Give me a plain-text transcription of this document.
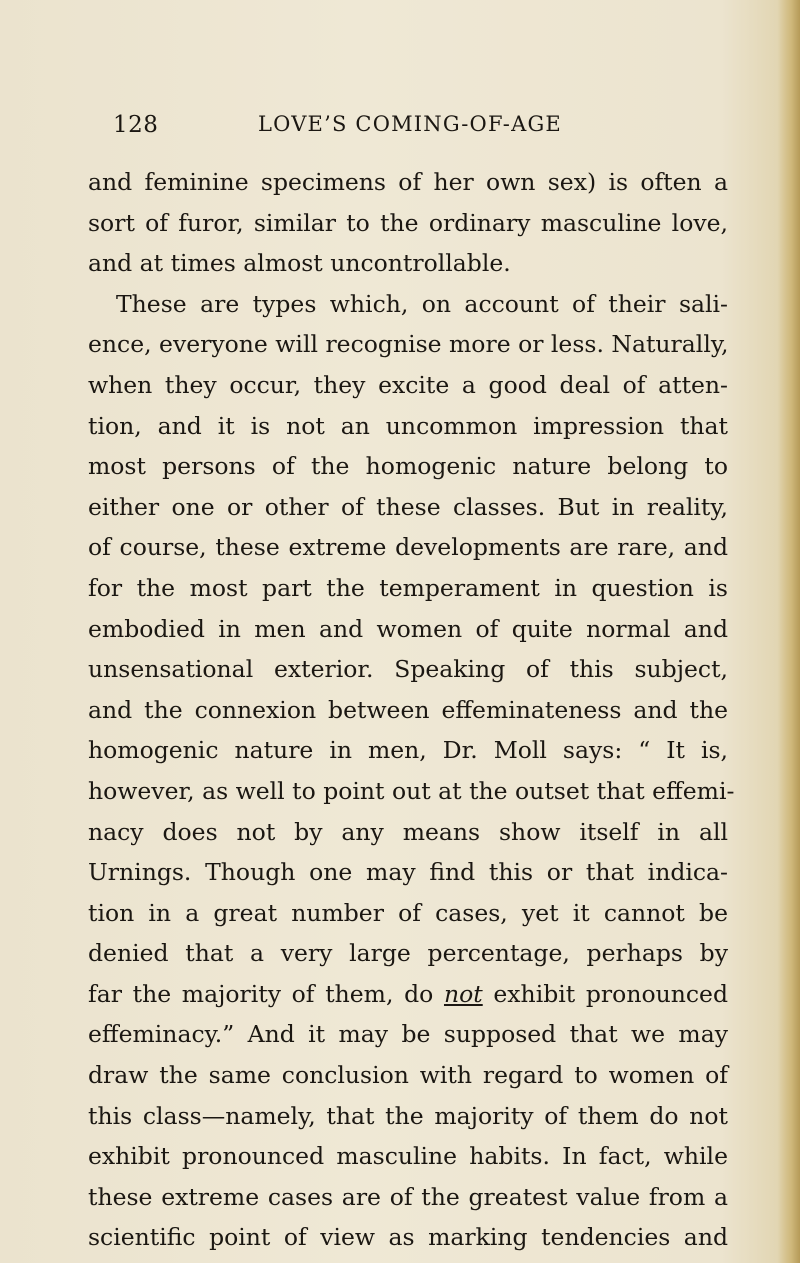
128	LOVE’S COMING-OF-AGE
and feminine specimens of her own sex) is often a
sort of furor, similar to the ordinary masculine love,
and at times almost uncontrollable.
These are types which, on account of their sali-
ence, everyone will recognise more or less. Naturally,
when they occur, they excite a good deal of atten-
tion, and it is not an uncommon impression that
most persons of the homogenic nature belong to
either one or other of these classes. But in reality,
of course, these extreme developments are rare, and
for the most part the temperament in question is
embodied in men and women of quite normal and
unsensational exterior. Speaking of this subject,
and the connexion between effeminateness and the
homogenic nature in men, Dr. Moll says: “ It is,
however, as well to point out at the outset that effemi-
nacy does not by any means show itself in all
Urnings. Though one may find this or that indica-
tion in a great number of cases, yet it cannot be
denied that a very large percentage, perhaps by
far the majority of them, do not exhibit pronounced
effeminacy.” And it may be supposed that we may
draw the same conclusion with regard to women of
this class—namely, that the majority of them do not
exhibit pronounced masculine habits. In fact, while
these extreme cases are of the greatest value from a
scientific point of view as marking tendencies and
